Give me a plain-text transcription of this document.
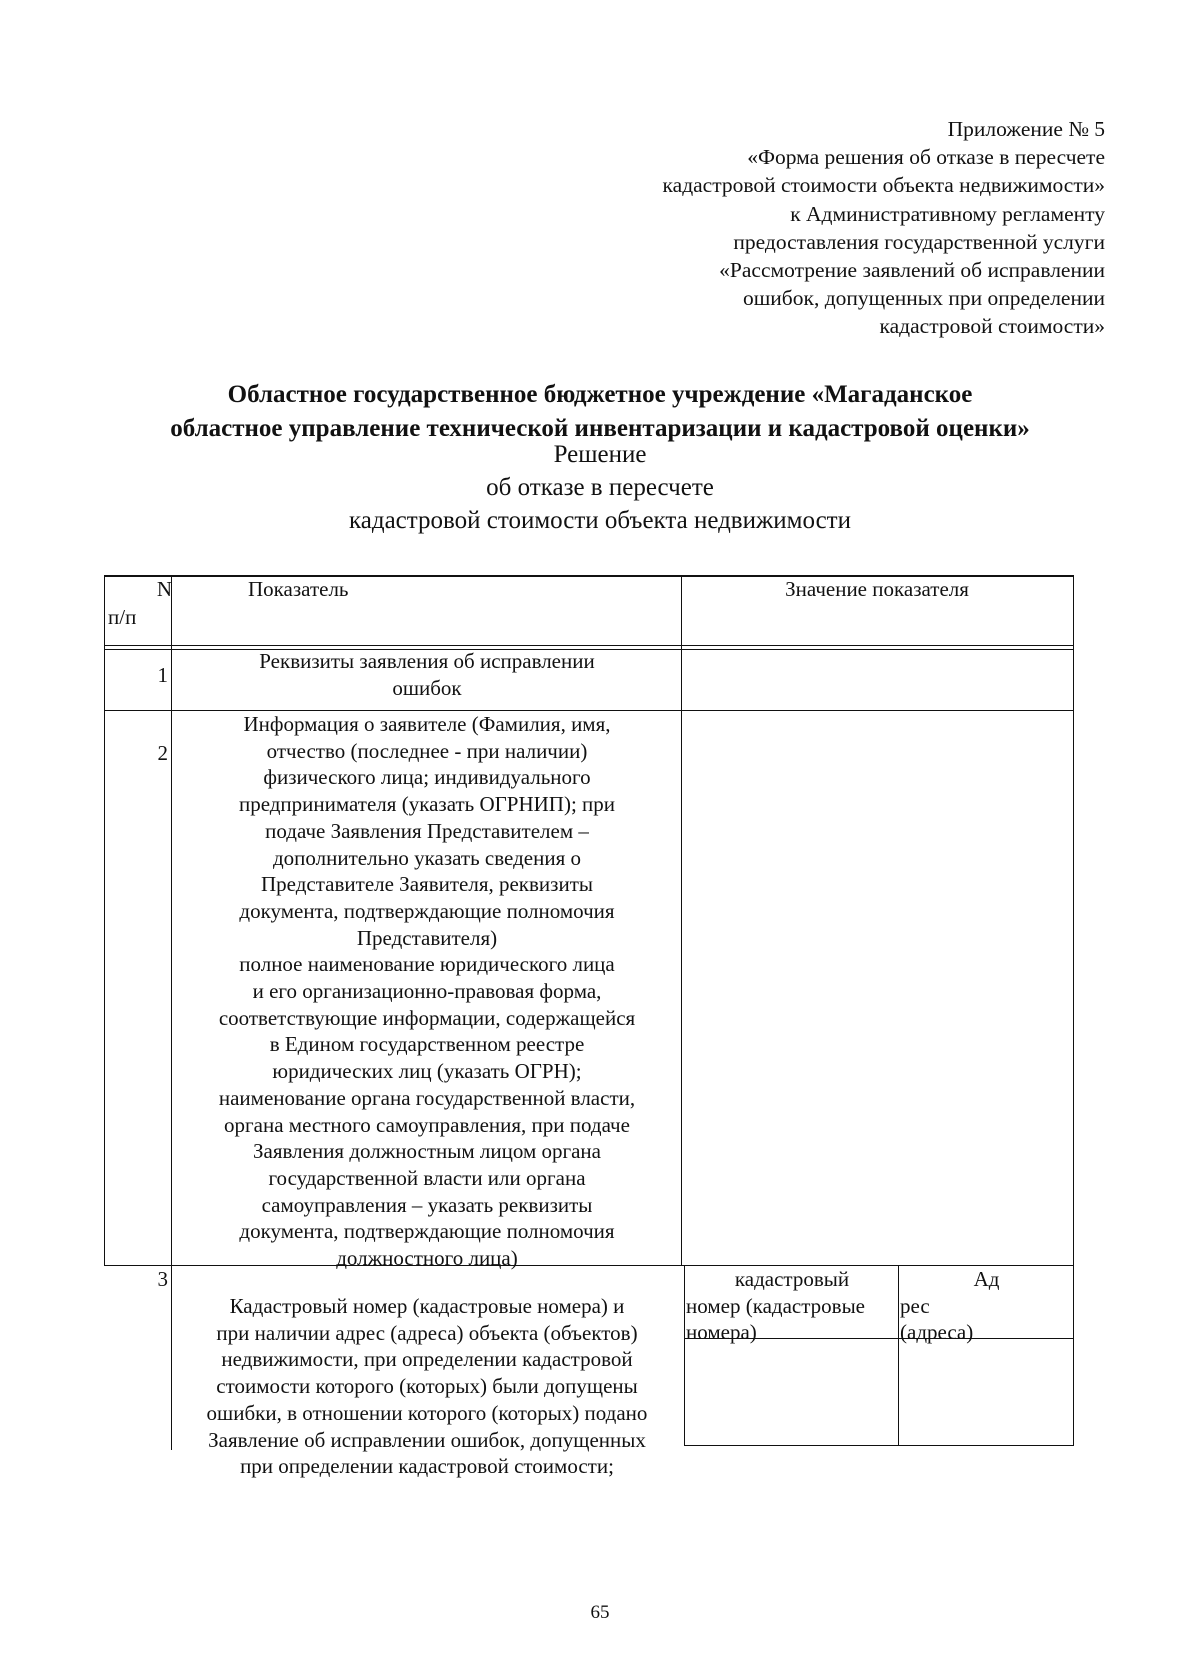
Приложение № 5
«Форма решения об отказе в пересчете
кадастровой стоимости объекта недвижимости»
к Административному регламенту
предоставления государственной услуги
«Рассмотрение заявлений об исправлении
ошибок, допущенных при определении
кадастровой стоимости»
Областное государственное бюджетное учреждение «Магаданское
областное управление технической инвентаризации и кадастровой оценки»
Решение
об отказе в пересчете
кадастровой стоимости объекта недвижимости
N
п/п
Показатель	Значение показателя
1
Реквизиты заявления об исправлении
ошибок
2
Информация о заявителе (Фамилия, имя,
отчество (последнее - при наличии)
физического лица; индивидуального
предпринимателя (указать ОГРНИП); при
подаче Заявления Представителем –
дополнительно указать сведения о
Представителе Заявителя, реквизиты
документа, подтверждающие полномочия
Представителя)
полное наименование юридического лица
и его организационно-правовая форма,
соответствующие информации, содержащейся
в Едином государственном реестре
юридических лиц (указать ОГРН);
наименование органа государственной власти,
органа местного самоуправления, при подаче
Заявления должностным лицом органа
государственной власти или органа
самоуправления – указать реквизиты
документа, подтверждающие полномочия
должностного лица)
3
Кадастровый номер (кадастровые номера) и
при наличии адрес (адреса) объекта (объектов)
недвижимости, при определении кадастровой
стоимости которого (которых) были допущены
ошибки, в отношении которого (которых) подано
Заявление об исправлении ошибок, допущенных
при определении кадастровой стоимости;
кадастровый
номер (кадастровые
номера)
Ад
рес
(адреса)
65
